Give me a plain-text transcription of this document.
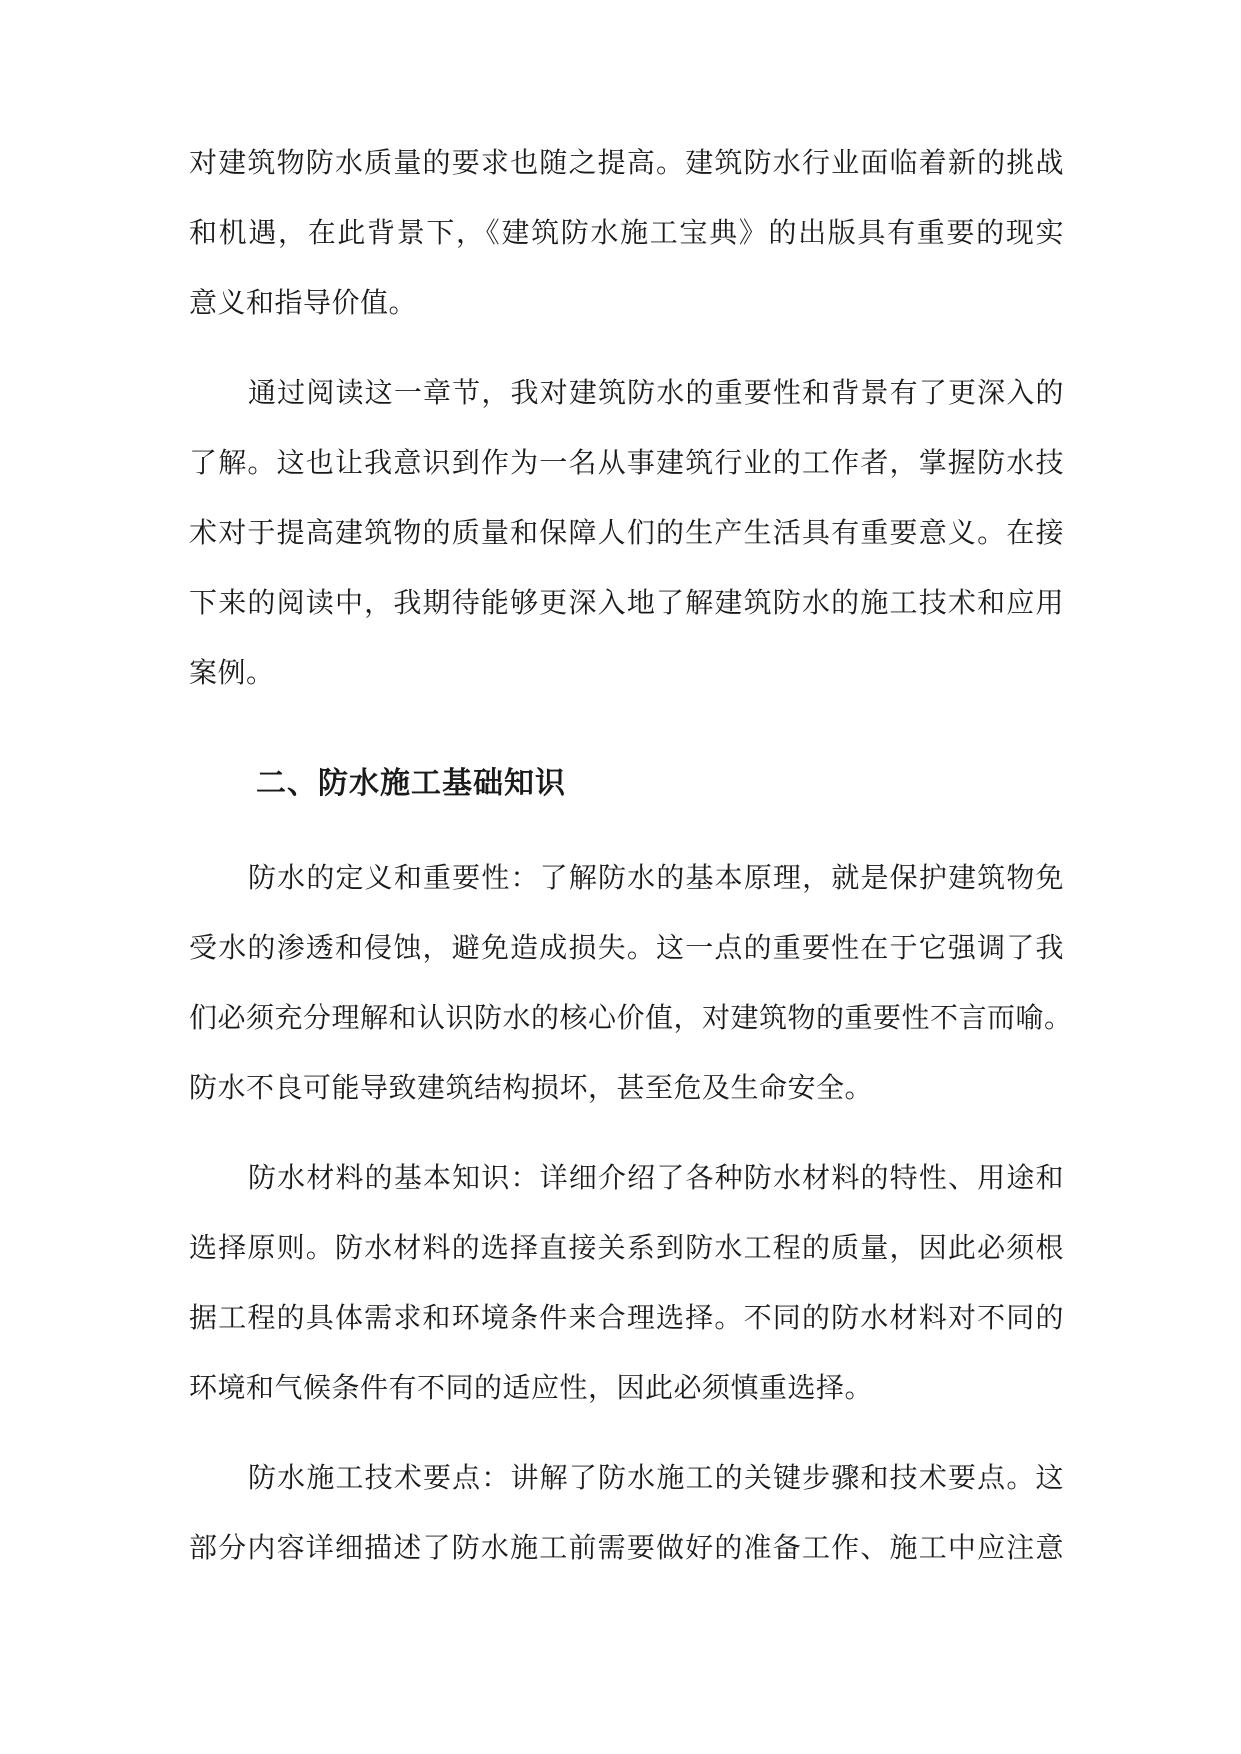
对建筑物防水质量的要求也随之提高。建筑防水行业面临着新的挑战
和机遇，在此背景下，《建筑防水施工宝典》的出版具有重要的现实
意义和指导价值。
通过阅读这一章节，我对建筑防水的重要性和背景有了更深入的
了解。这也让我意识到作为一名从事建筑行业的工作者，掌握防水技
术对于提高建筑物的质量和保障人们的生产生活具有重要意义。在接
下来的阅读中，我期待能够更深入地了解建筑防水的施工技术和应用
案例。
二、防水施工基础知识
防水的定义和重要性：了解防水的基本原理，就是保护建筑物免
受水的渗透和侵蚀，避免造成损失。这一点的重要性在于它强调了我
们必须充分理解和认识防水的核心价值，对建筑物的重要性不言而喻。
防水不良可能导致建筑结构损坏，甚至危及生命安全。
防水材料的基本知识：详细介绍了各种防水材料的特性、用途和
选择原则。防水材料的选择直接关系到防水工程的质量，因此必须根
据工程的具体需求和环境条件来合理选择。不同的防水材料对不同的
环境和气候条件有不同的适应性，因此必须慎重选择。
防水施工技术要点：讲解了防水施工的关键步骤和技术要点。这
部分内容详细描述了防水施工前需要做好的准备工作、施工中应注意
